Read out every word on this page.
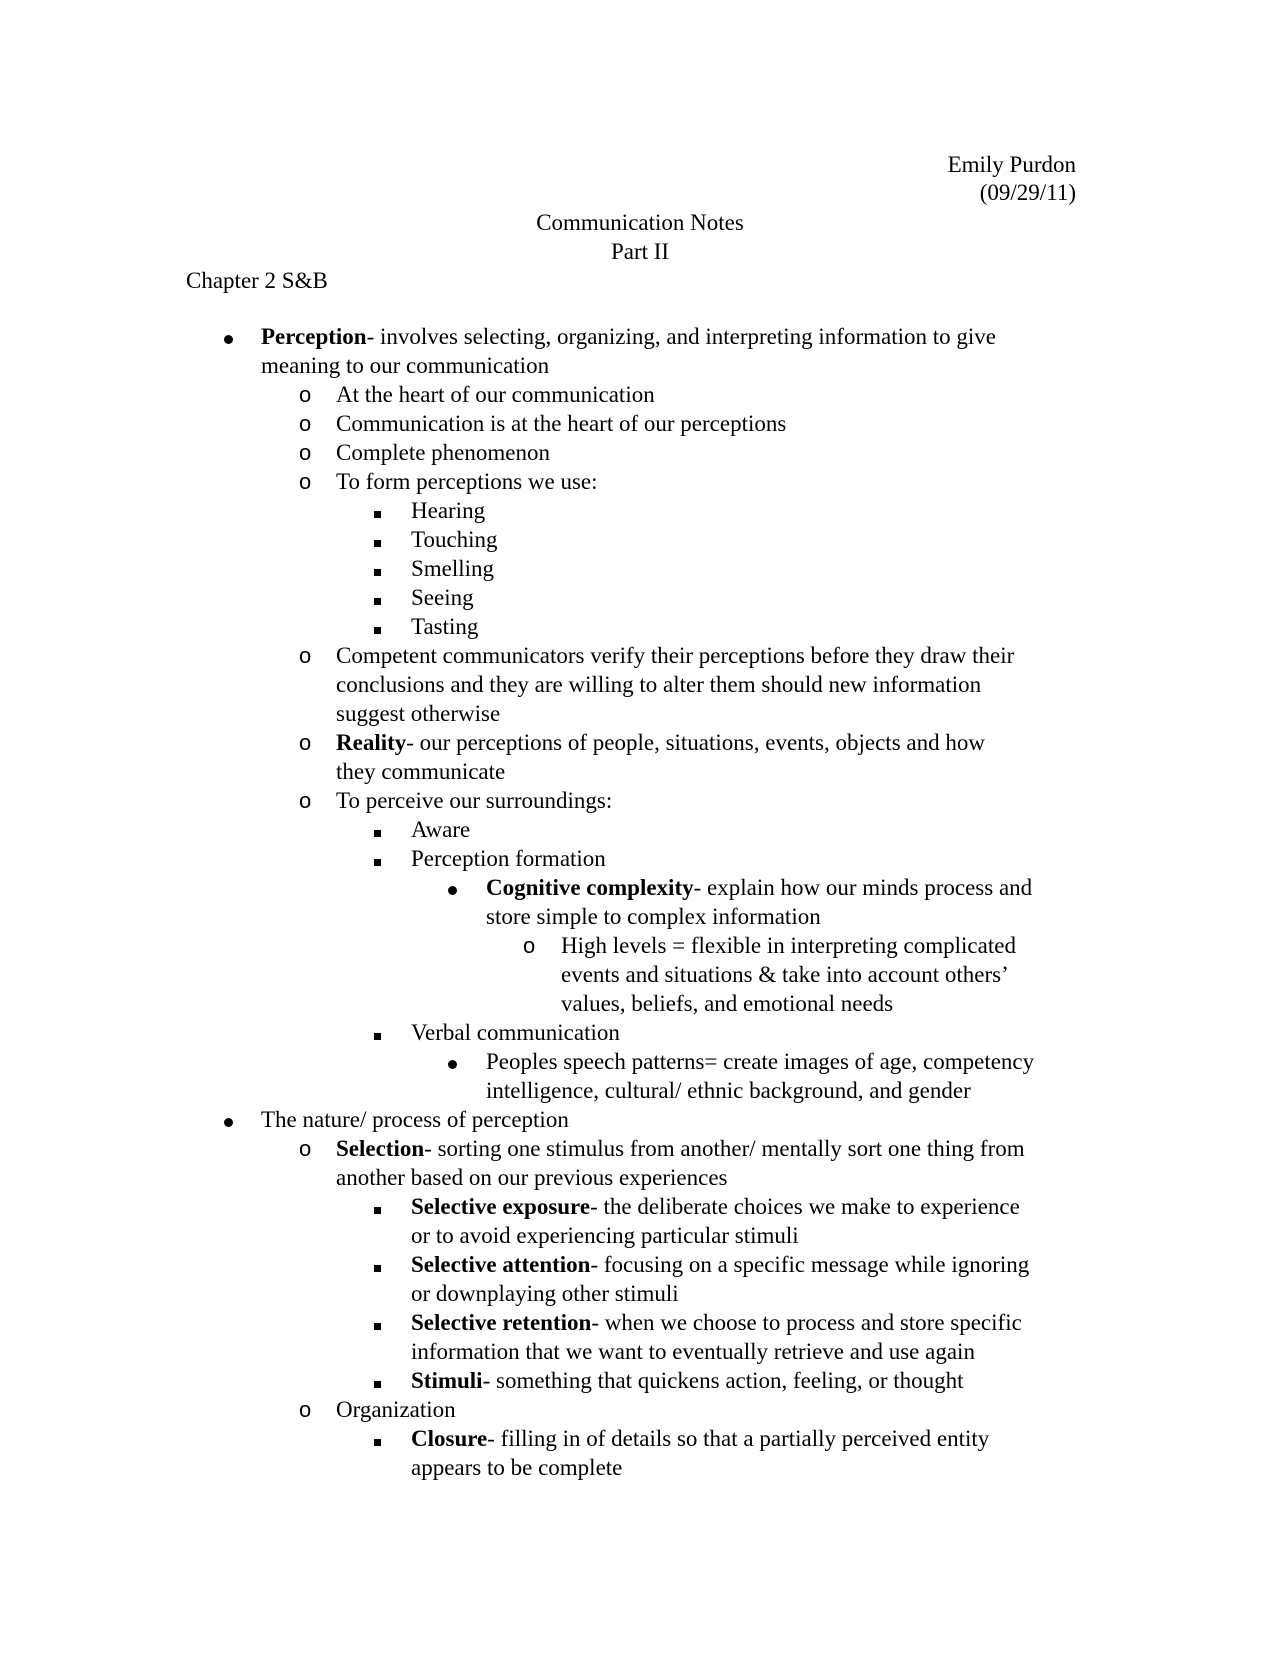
Emily Purdon
(09/29/11)
Communication Notes
Part II
Chapter 2 S&B
Perception- involves selecting, organizing, and interpreting information to give
meaning to our communication
o At the heart of our communication
o Communication is at the heart of our perceptions
o Complete phenomenon
o To form perceptions we use:
Hearing
Touching
Smelling
Seeing
Tasting
o Competent communicators verify their perceptions before they draw their
conclusions and they are willing to alter them should new information
suggest otherwise
o Reality- our perceptions of people, situations, events, objects and how
they communicate
o To perceive our surroundings:
Aware
Perception formation
Cognitive complexity- explain how our minds process and
store simple to complex information
o High levels = flexible in interpreting complicated
events and situations & take into account others’
values, beliefs, and emotional needs
Verbal communication
Peoples speech patterns= create images of age, competency
intelligence, cultural/ ethnic background, and gender
The nature/ process of perception
o Selection- sorting one stimulus from another/ mentally sort one thing from
another based on our previous experiences
Selective exposure- the deliberate choices we make to experience
or to avoid experiencing particular stimuli
Selective attention- focusing on a specific message while ignoring
or downplaying other stimuli
Selective retention- when we choose to process and store specific
information that we want to eventually retrieve and use again
Stimuli- something that quickens action, feeling, or thought
o Organization
Closure- filling in of details so that a partially perceived entity
appears to be complete
